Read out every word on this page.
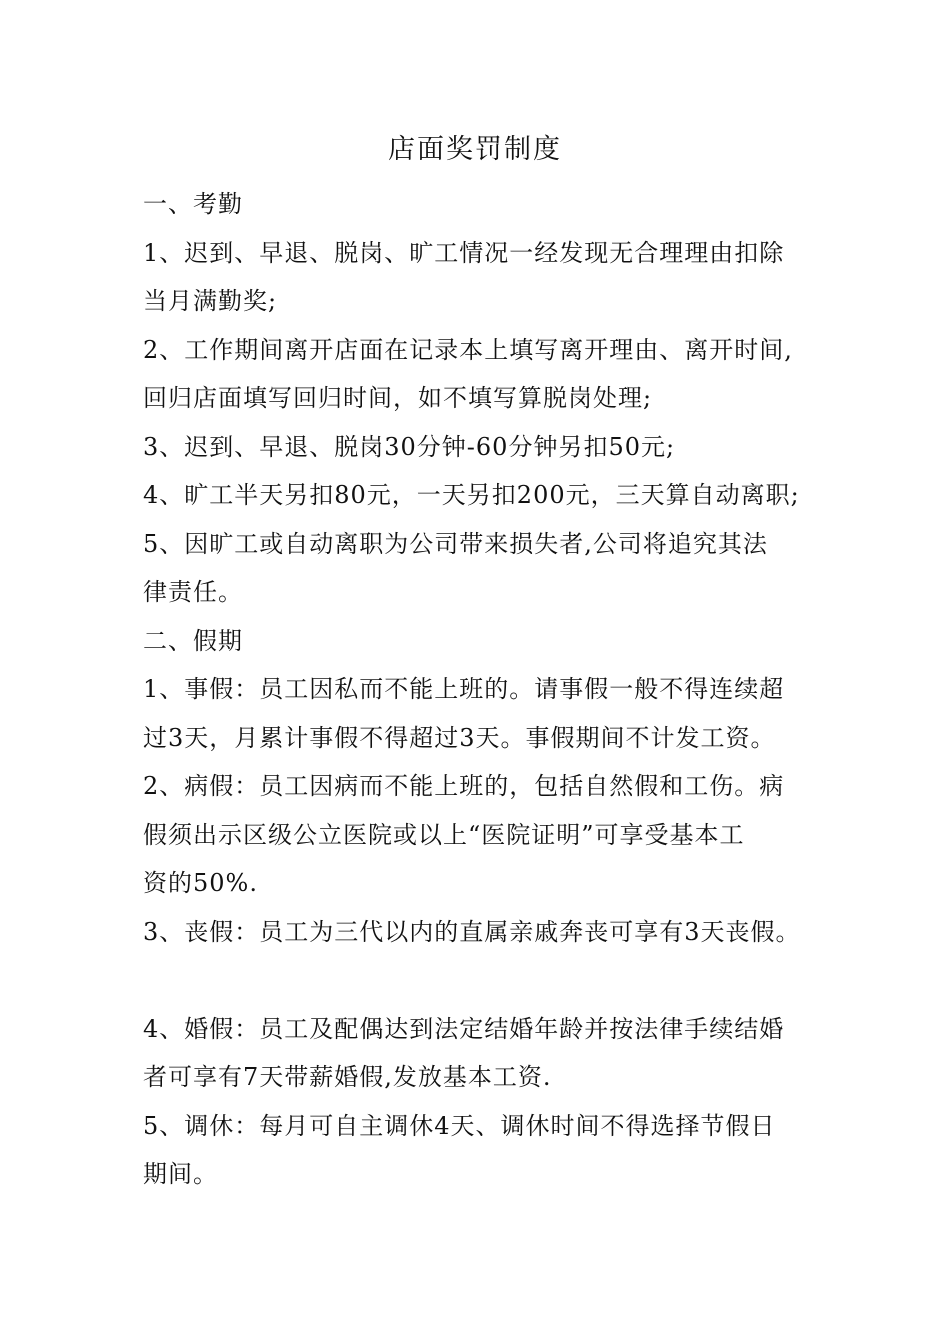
店面奖罚制度
一、考勤
1、迟到、早退、脱岗、旷工情况一经发现无合理理由扣除
当月满勤奖;
2、工作期间离开店面在记录本上填写离开理由、离开时间,
回归店面填写回归时间，如不填写算脱岗处理;
3、迟到、早退、脱岗30分钟-60分钟另扣50元;
4、旷工半天另扣80元，一天另扣200元，三天算自动离职;
5、因旷工或自动离职为公司带来损失者,公司将追究其法
律责任。
二、假期
1、事假：员工因私而不能上班的。请事假一般不得连续超
过3天，月累计事假不得超过3天。事假期间不计发工资。
2、病假：员工因病而不能上班的，包括自然假和工伤。病
假须出示区级公立医院或以上“医院证明”可享受基本工
资的50%.
3、丧假：员工为三代以内的直属亲戚奔丧可享有3天丧假。
4、婚假：员工及配偶达到法定结婚年龄并按法律手续结婚
者可享有7天带薪婚假,发放基本工资.
5、调休：每月可自主调休4天、调休时间不得选择节假日
期间。
